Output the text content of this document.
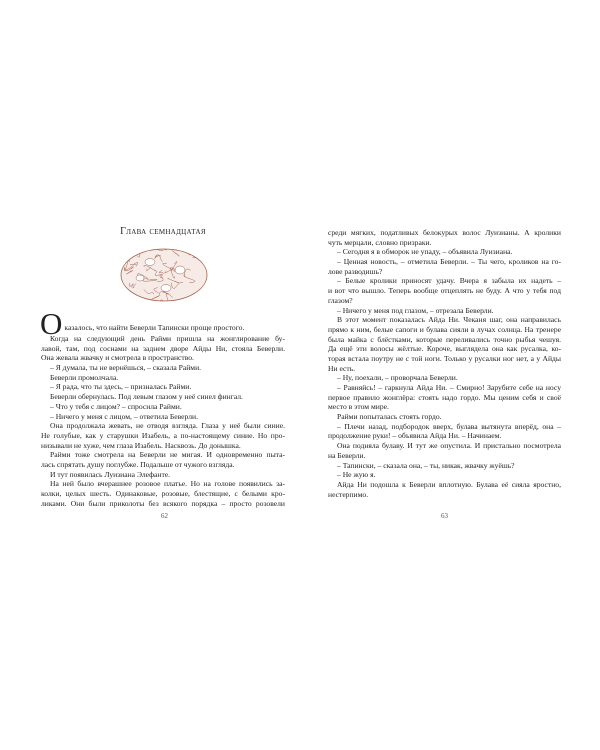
Глава семнадцатая
О казалось, что найти Беверли Тапински проще простого.
Когда на следующий день Райми пришла на жонглирование бу-
лавой, там, под соснами на заднем дворе Айды Ни, стояла Беверли.
Она жевала жвачку и смотрела в пространство.
– Я думала, ты не вернёшься, – сказала Райми.
Беверли промолчала.
– Я рада, что ты здесь, – призналась Райми.
Беверли обернулась. Под левым глазом у неё синел фингал.
– Что у тебя с лицом? – спросила Райми.
– Ничего у меня с лицом, – ответила Беверли.
Она продолжала жевать, не отводя взгляда. Глаза у неё были синие.
Не голубые, как у старушки Изабель, а по-настоящему синие. Но про-
низывали не хуже, чем глаза Изабель. Насквозь. До донышка.
Райми тоже смотрела на Беверли не мигая. И одновременно пыта-
лась спрятать душу поглубже. Подальше от чужого взгляда.
И тут появилась Луизиана Элефанте.
На ней было вчерашнее розовое платье. Но на голове появились за-
колки, целых шесть. Одинаковые, розовые, блестящие, с белыми кро-
ликами. Они были приколоты без всякого порядка – просто розовели
62
среди мягких, податливых белокурых волос Луизианы. А кролики
чуть мерцали, словно призраки.
– Сегодня я в обморок не упаду, – объявила Луизиана.
– Ценная новость, – отметила Беверли. – Ты чего, кроликов на го-
лове разводишь?
– Белые кролики приносят удачу. Вчера я забыла их надеть –
и вот что вышло. Теперь вообще отцеплять не буду. А что у тебя под
глазом?
– Ничего у меня под глазом, – отрезала Беверли.
В этот момент показалась Айда Ни. Чеканя шаг, она направилась
прямо к ним, белые сапоги и булава сияли в лучах солнца. На тренере
была майка с блёстками, которые переливались точно рыбья чешуя.
Да ещё эти волосы жёлтые. Короче, выглядела она как русалка, ко-
торая встала поутру не с той ноги. Только у русалки ног нет, а у Айды
Ни есть.
– Ну, поехали, – проворчала Беверли.
– Равняйсь! – гаркнула Айда Ни. – Смирно! Зарубите себе на носу
первое правило жонглёра: стоять надо гордо. Мы ценим себя и своё
место в этом мире.
Райми попыталась стоять гордо.
– Плечи назад, подбородок вверх, булава вытянута вперёд, она –
продолжение руки! – объявила Айда Ни. – Начинаем.
Она подняла булаву. И тут же опустила. И пристально посмотрела
на Беверли.
– Тапински, – сказала она, – ты, никак, жвачку жуёшь?
– Не жую я.
Айда Ни подошла к Беверли вплотную. Булава её сияла яростно,
нестерпимо.
63
